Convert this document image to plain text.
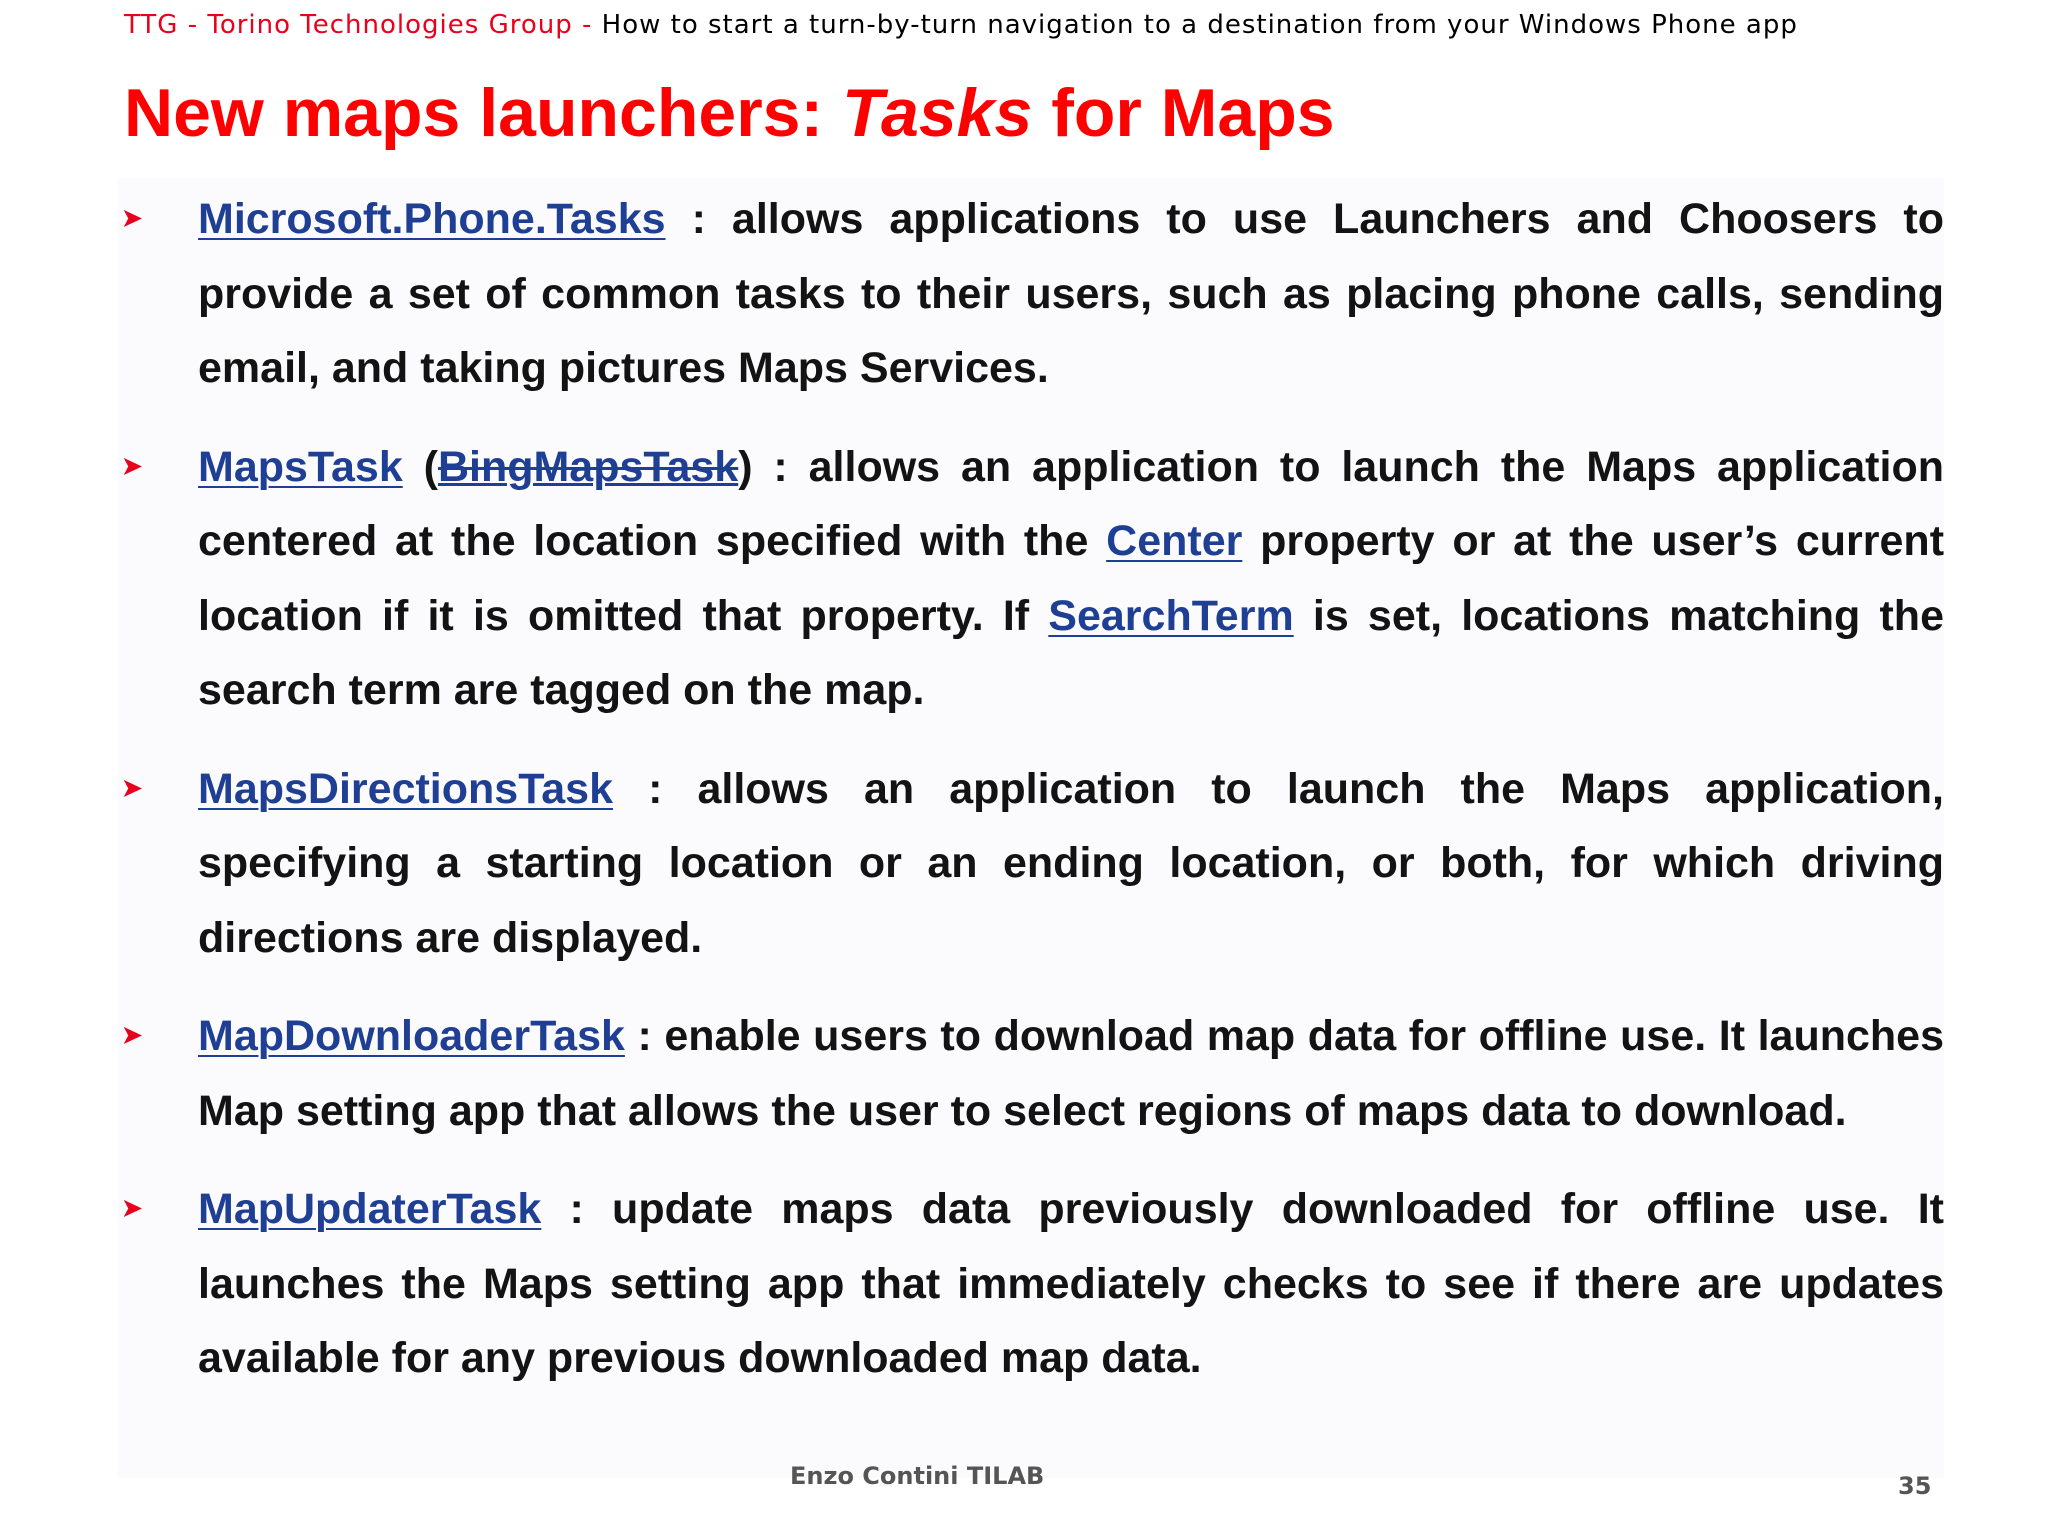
TTG - Torino Technologies Group - How to start a turn-by-turn navigation to a destination from your Windows Phone app
New maps launchers: Tasks for Maps
➤ Microsoft.Phone.Tasks : allows applications to use Launchers and Choosers to provide a set of common tasks to their users, such as placing phone calls, sending email, and taking pictures Maps Services.
➤ MapsTask (BingMapsTask) : allows an application to launch the Maps application centered at the location specified with the Center property or at the user’s current location if it is omitted that property. If SearchTerm is set, locations matching the search term are tagged on the map.
➤ MapsDirectionsTask : allows an application to launch the Maps application, specifying a starting location or an ending location, or both, for which driving directions are displayed.
➤ MapDownloaderTask : enable users to download map data for offline use. It launches Map setting app that allows the user to select regions of maps data to download.
➤ MapUpdaterTask : update maps data previously downloaded for offline use. It launches the Maps setting app that immediately checks to see if there are updates available for any previous downloaded map data.
Enzo Contini TILAB	35
